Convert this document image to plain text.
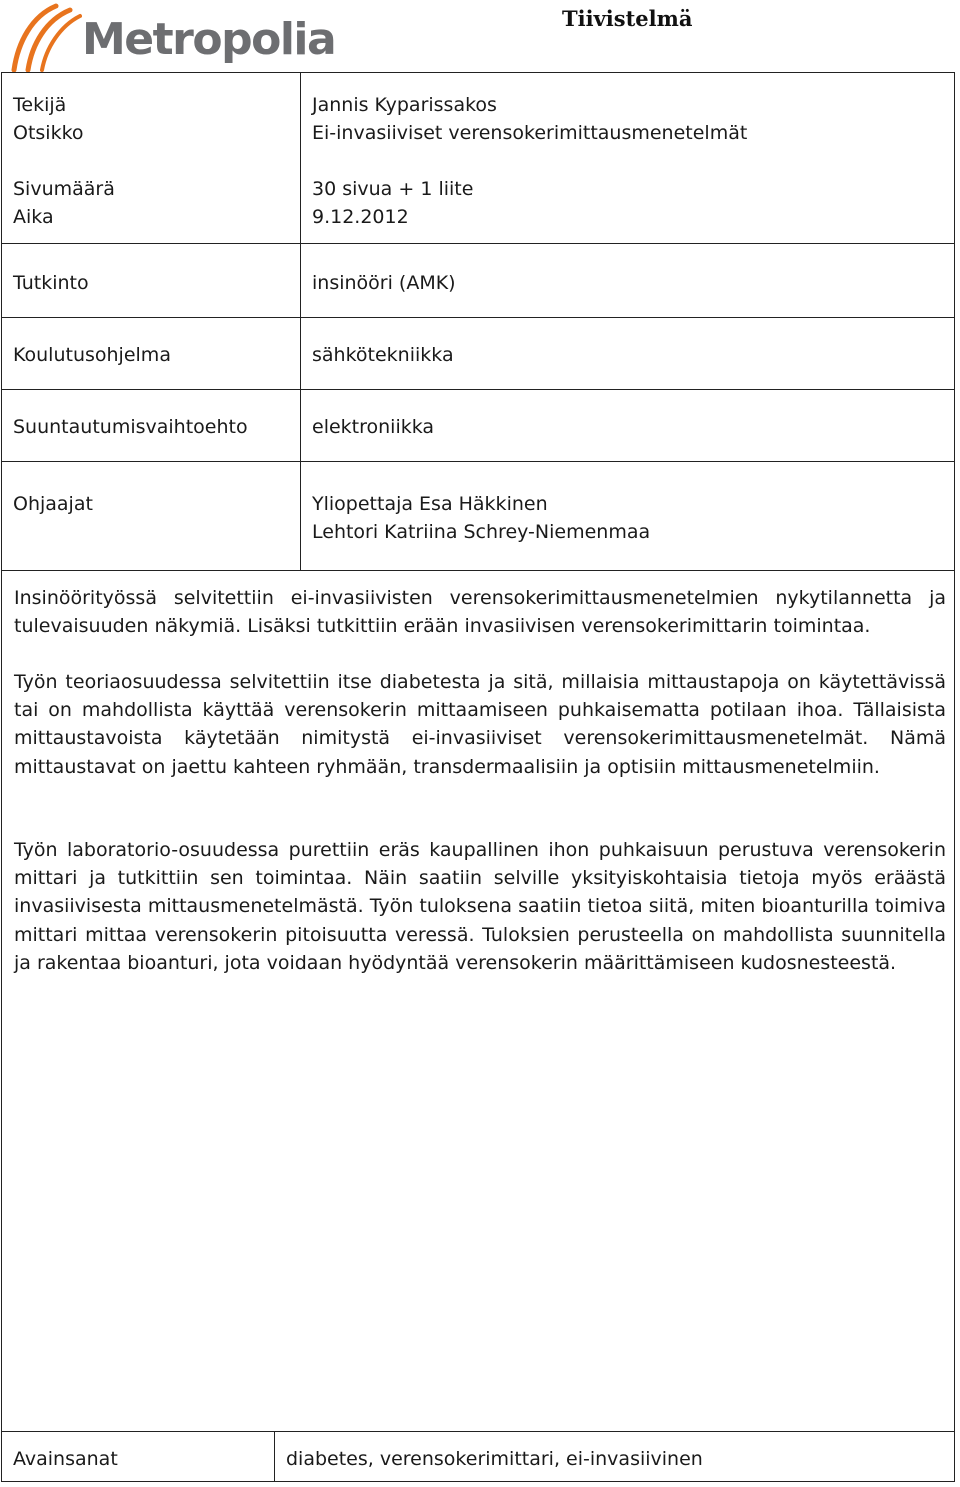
Metropolia	Tiivistelmä
Tekijä	Jannis Kyparissakos
Otsikko	Ei-invasiiviset verensokerimittausmenetelmät
Sivumäärä	30 sivua + 1 liite
Aika	9.12.2012
Tutkinto	insinööri (AMK)
Koulutusohjelma	sähkötekniikka
Suuntautumisvaihtoehto	elektroniikka
Ohjaajat	Yliopettaja Esa Häkkinen
Lehtori Katriina Schrey-Niemenmaa
Insinöörityössä selvitettiin ei-invasiivisten verensokerimittausmenetelmien nykytilannetta ja tulevaisuuden näkymiä. Lisäksi tutkittiin erään invasiivisen verensokerimittarin toimintaa.
Työn teoriaosuudessa selvitettiin itse diabetesta ja sitä, millaisia mittaustapoja on käytettävissä tai on mahdollista käyttää verensokerin mittaamiseen puhkaisematta potilaan ihoa. Tällaisista mittaustavoista käytetään nimitystä ei-invasiiviset verensokerimittausmenetelmät. Nämä mittaustavat on jaettu kahteen ryhmään, transdermaalisiin ja optisiin mittausmenetelmiin.
Työn laboratorio-osuudessa purettiin eräs kaupallinen ihon puhkaisuun perustuva verensokerin mittari ja tutkittiin sen toimintaa. Näin saatiin selville yksityiskohtaisia tietoja myös eräästä invasiivisesta mittausmenetelmästä. Työn tuloksena saatiin tietoa siitä, miten bioanturilla toimiva mittari mittaa verensokerin pitoisuutta veressä. Tuloksien perusteella on mahdollista suunnitella ja rakentaa bioanturi, jota voidaan hyödyntää verensokerin määrittämiseen kudosnesteestä.
Avainsanat	diabetes, verensokerimittari, ei-invasiivinen
